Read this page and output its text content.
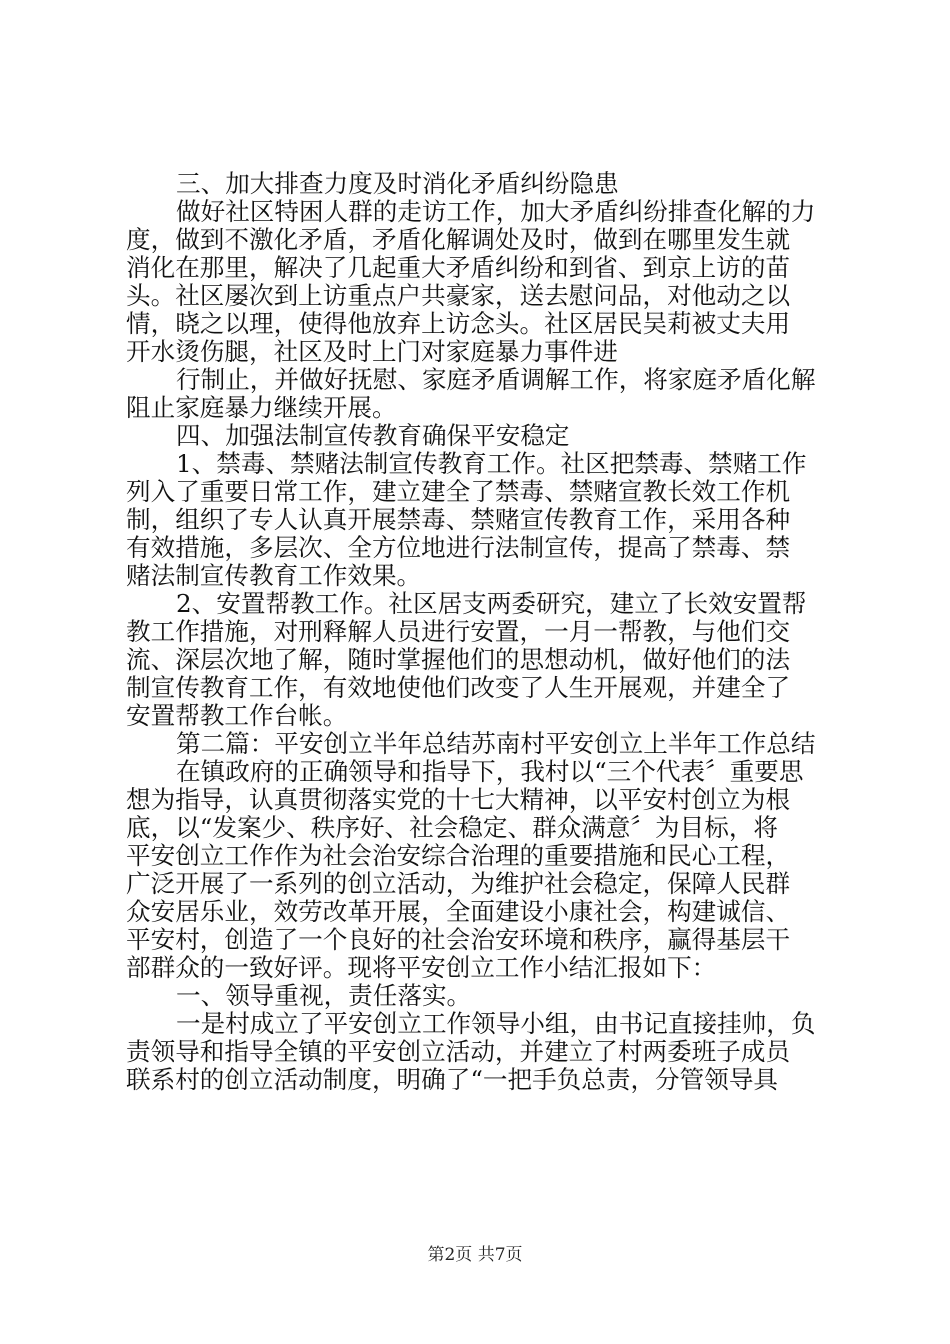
三、加大排查力度及时消化矛盾纠纷隐患

做好社区特困人群的走访工作，加大矛盾纠纷排查化解的力

度，做到不激化矛盾，矛盾化解调处及时，做到在哪里发生就

消化在那里，解决了几起重大矛盾纠纷和到省、到京上访的苗

头。社区屡次到上访重点户共豪家，送去慰问品，对他动之以

情，晓之以理，使得他放弃上访念头。社区居民吴莉被丈夫用

开水烫伤腿，社区及时上门对家庭暴力事件进

行制止，并做好抚慰、家庭矛盾调解工作，将家庭矛盾化解

阻止家庭暴力继续开展。

四、加强法制宣传教育确保平安稳定

1、禁毒、禁赌法制宣传教育工作。社区把禁毒、禁赌工作

列入了重要日常工作，建立建全了禁毒、禁赌宣教长效工作机

制，组织了专人认真开展禁毒、禁赌宣传教育工作，采用各种

有效措施，多层次、全方位地进行法制宣传，提高了禁毒、禁

赌法制宣传教育工作效果。

2、安置帮教工作。社区居支两委研究，建立了长效安置帮

教工作措施，对刑释解人员进行安置，一月一帮教，与他们交

流、深层次地了解，随时掌握他们的思想动机，做好他们的法

制宣传教育工作，有效地使他们改变了人生开展观，并建全了

安置帮教工作台帐。

第二篇：平安创立半年总结苏南村平安创立上半年工作总结

在镇政府的正确领导和指导下，我村以“三个代表〞重要思

想为指导，认真贯彻落实党的十七大精神，以平安村创立为根

底，以“发案少、秩序好、社会稳定、群众满意〞为目标，将

平安创立工作作为社会治安综合治理的重要措施和民心工程，

广泛开展了一系列的创立活动，为维护社会稳定，保障人民群

众安居乐业，效劳改革开展，全面建设小康社会，构建诚信、

平安村，创造了一个良好的社会治安环境和秩序，赢得基层干

部群众的一致好评。现将平安创立工作小结汇报如下：

一、领导重视，责任落实。

一是村成立了平安创立工作领导小组，由书记直接挂帅，负

责领导和指导全镇的平安创立活动，并建立了村两委班子成员

联系村的创立活动制度，明确了“一把手负总责，分管领导具

第2页 共7页
